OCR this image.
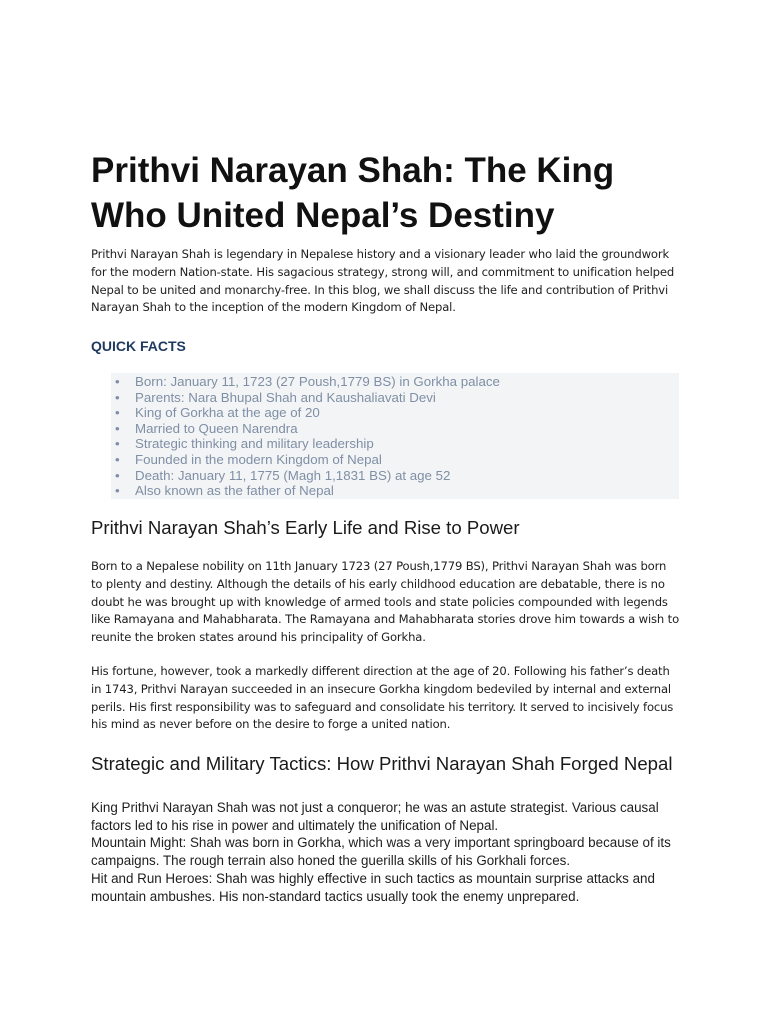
Prithvi Narayan Shah: The King Who United Nepal’s Destiny

Prithvi Narayan Shah is legendary in Nepalese history and a visionary leader who laid the groundwork for the modern Nation-state. His sagacious strategy, strong will, and commitment to unification helped Nepal to be united and monarchy-free. In this blog, we shall discuss the life and contribution of Prithvi Narayan Shah to the inception of the modern Kingdom of Nepal.

QUICK FACTS
• Born: January 11, 1723 (27 Poush,1779 BS) in Gorkha palace
• Parents: Nara Bhupal Shah and Kaushaliavati Devi
• King of Gorkha at the age of 20
• Married to Queen Narendra
• Strategic thinking and military leadership
• Founded in the modern Kingdom of Nepal
• Death: January 11, 1775 (Magh 1,1831 BS) at age 52
• Also known as the father of Nepal
Prithvi Narayan Shah’s Early Life and Rise to Power

Born to a Nepalese nobility on 11th January 1723 (27 Poush,1779 BS), Prithvi Narayan Shah was born to plenty and destiny. Although the details of his early childhood education are debatable, there is no doubt he was brought up with knowledge of armed tools and state policies compounded with legends like Ramayana and Mahabharata. The Ramayana and Mahabharata stories drove him towards a wish to reunite the broken states around his principality of Gorkha.

His fortune, however, took a markedly different direction at the age of 20. Following his father’s death in 1743, Prithvi Narayan succeeded in an insecure Gorkha kingdom bedeviled by internal and external perils. His first responsibility was to safeguard and consolidate his territory. It served to incisively focus his mind as never before on the desire to forge a united nation.

Strategic and Military Tactics: How Prithvi Narayan Shah Forged Nepal

King Prithvi Narayan Shah was not just a conqueror; he was an astute strategist. Various causal factors led to his rise in power and ultimately the unification of Nepal.

Mountain Might: Shah was born in Gorkha, which was a very important springboard because of its campaigns. The rough terrain also honed the guerilla skills of his Gorkhali forces.

Hit and Run Heroes: Shah was highly effective in such tactics as mountain surprise attacks and mountain ambushes. His non-standard tactics usually took the enemy unprepared.
